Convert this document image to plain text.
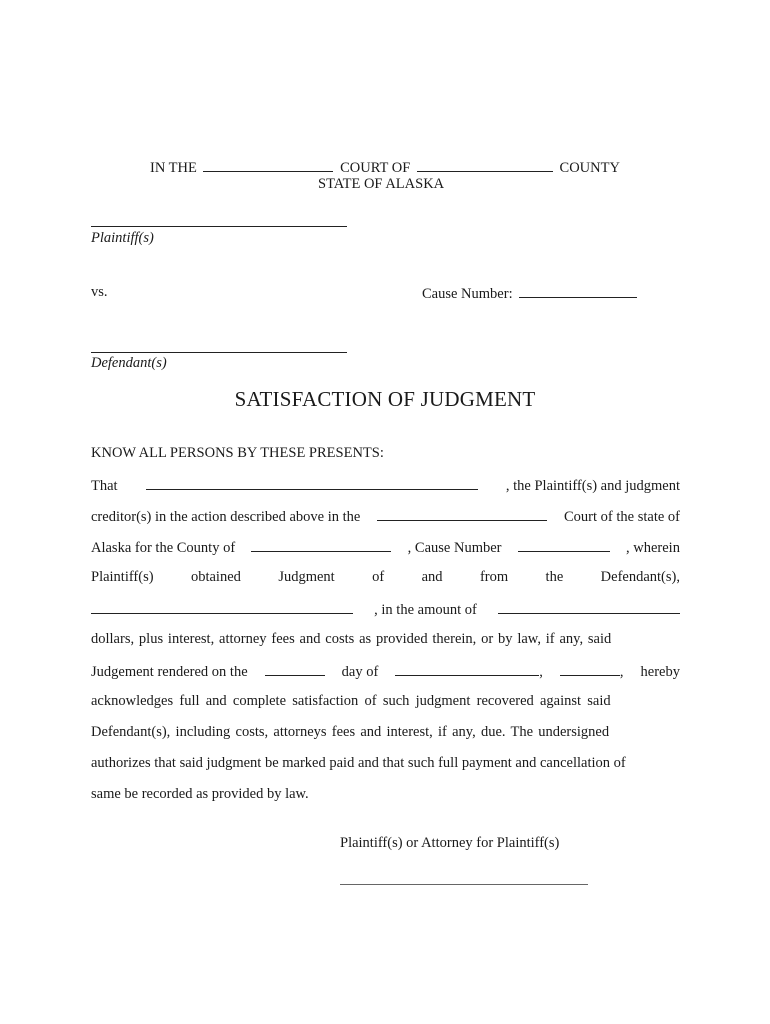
IN THE	COURT OF	COUNTY
STATE OF ALASKA
Plaintiff(s)
vs.	Cause Number:
Defendant(s)
SATISFACTION OF JUDGMENT
KNOW ALL PERSONS BY THESE PRESENTS:
That	, the Plaintiff(s) and judgment
creditor(s) in the action described above in the	Court of the state of
Alaska for the County of	, Cause Number	, wherein
Plaintiff(s)	obtained	Judgment	of	and	from	the	Defendant(s),
, in the amount of
dollars, plus interest, attorney fees and costs as provided therein, or by law, if any, said
Judgement rendered on the	day of	,	, hereby
acknowledges full and complete satisfaction of such judgment recovered against said
Defendant(s), including costs, attorneys fees and interest, if any, due. The undersigned
authorizes that said judgment be marked paid and that such full payment and cancellation of
same be recorded as provided by law.
Plaintiff(s) or Attorney for Plaintiff(s)
